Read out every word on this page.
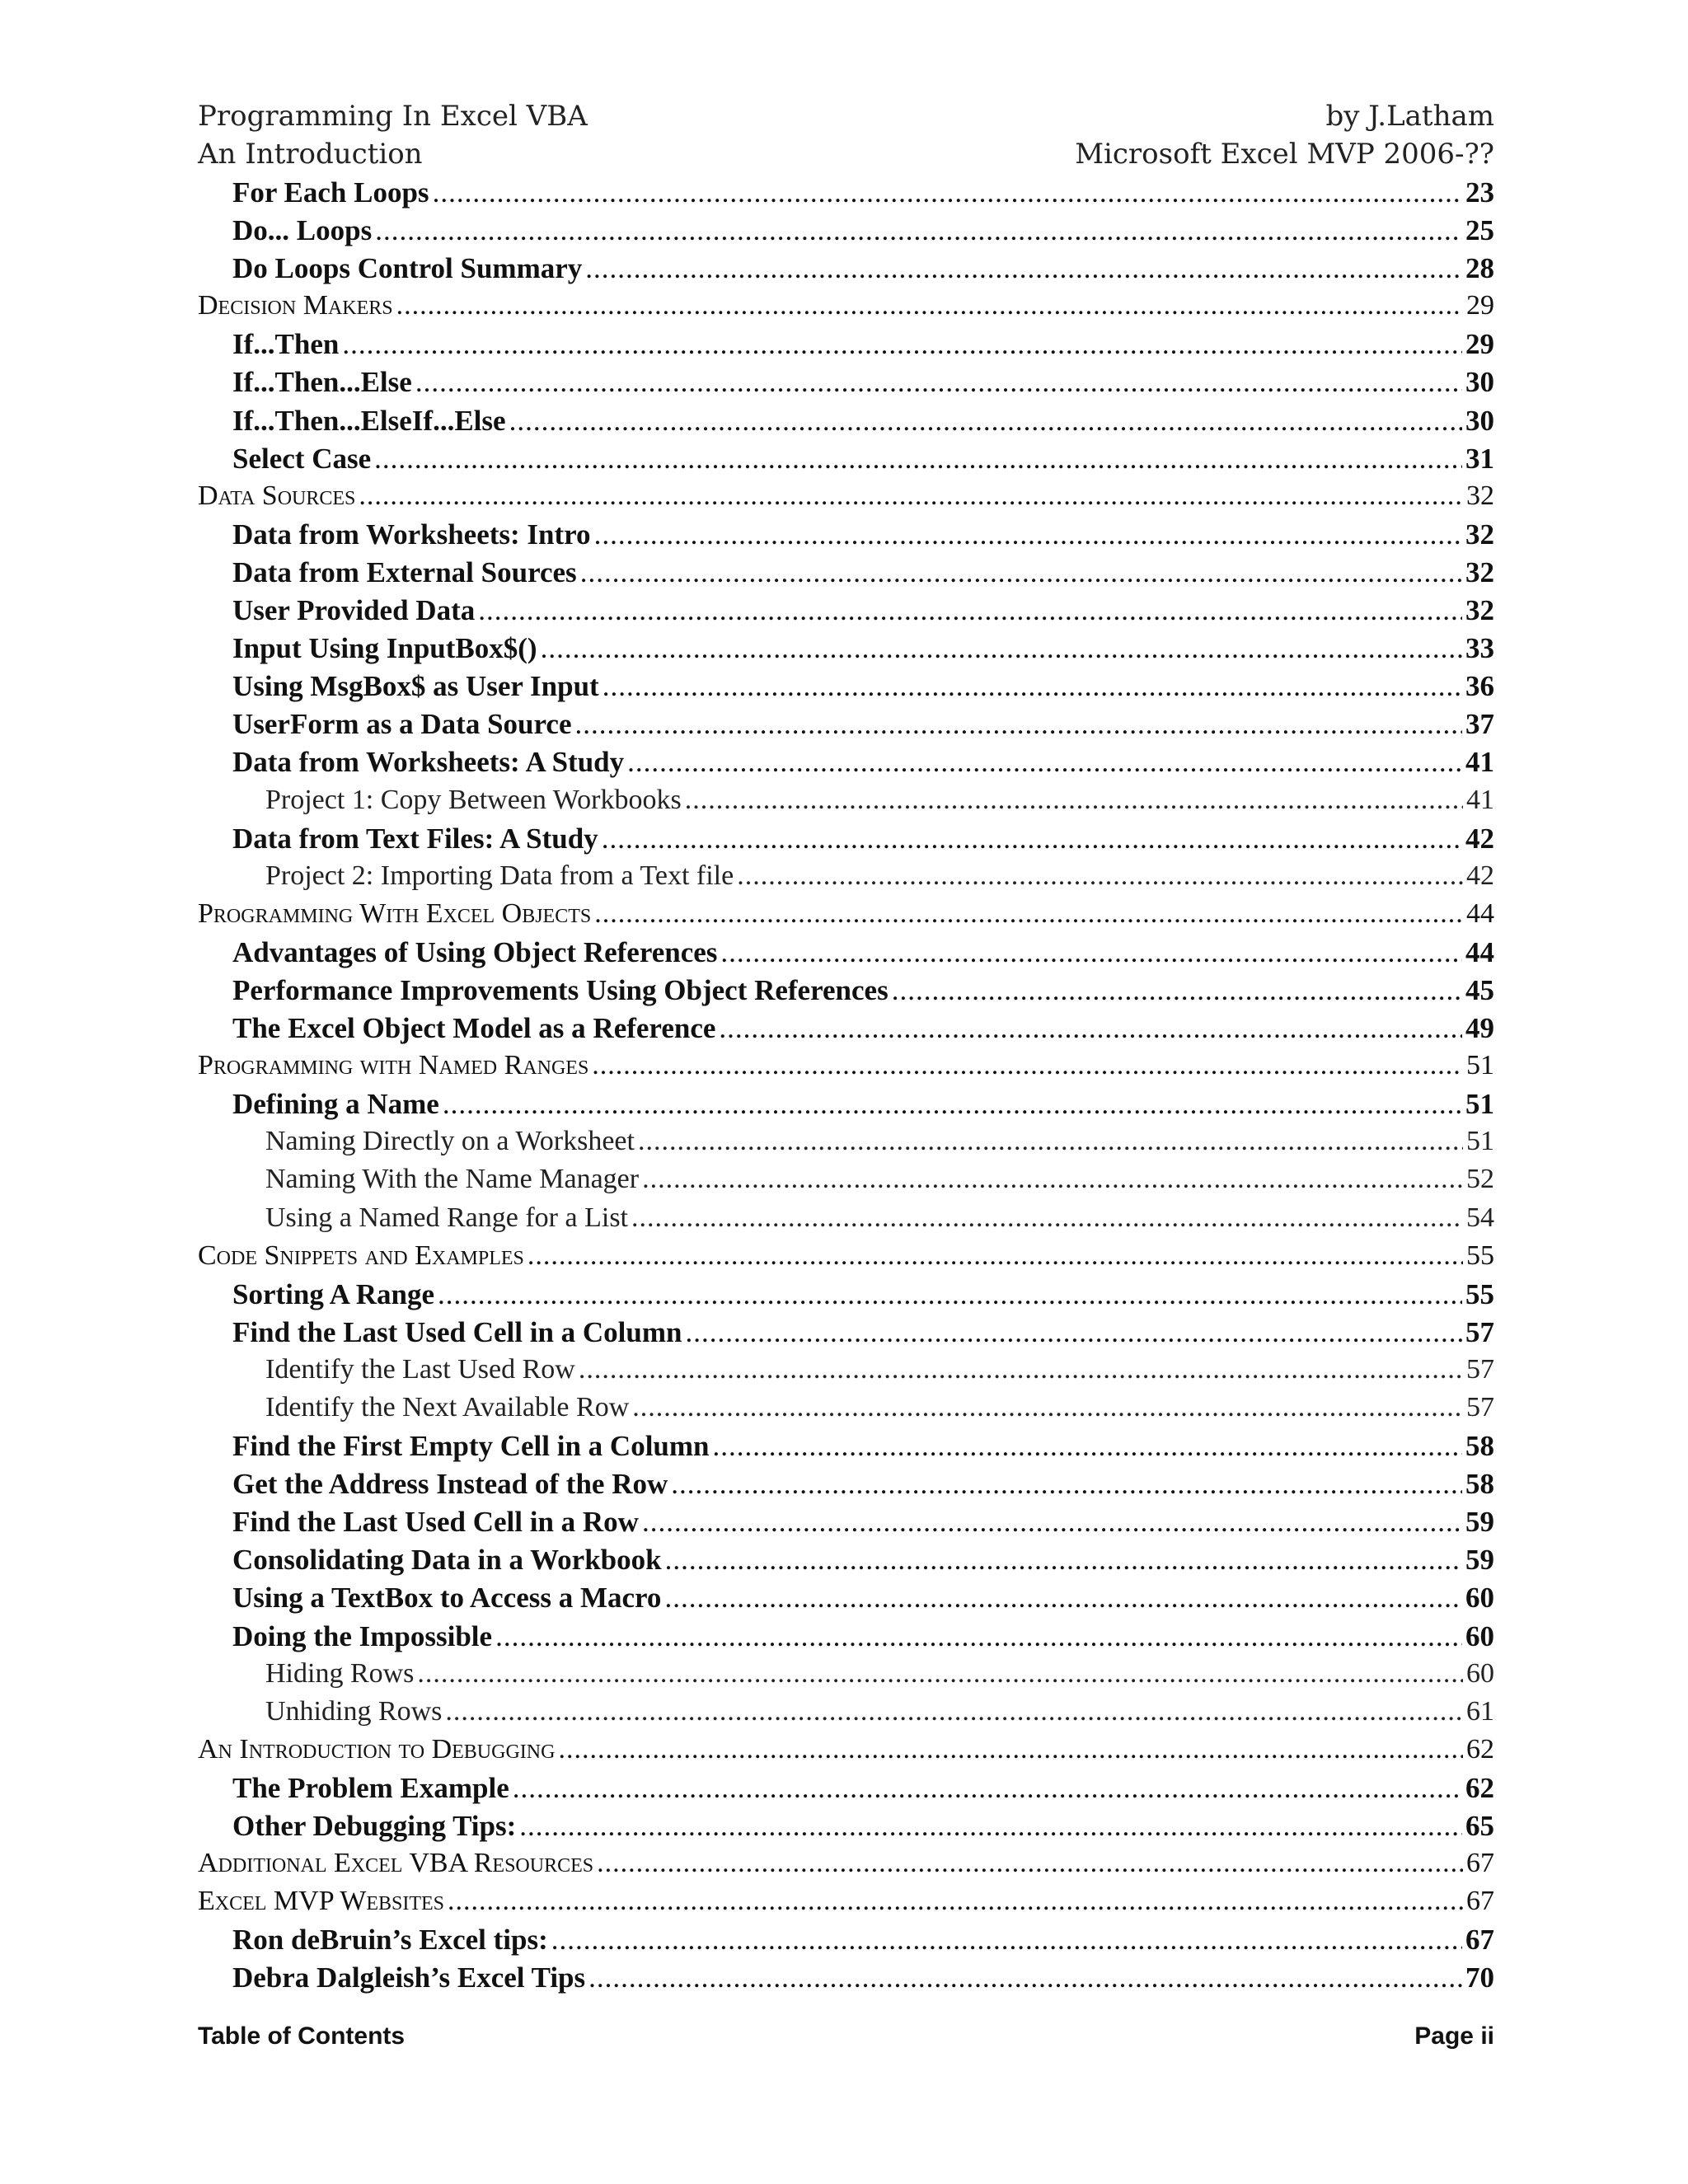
Programming In Excel VBA	by J.Latham
An Introduction	Microsoft Excel MVP 2006-??
For Each Loops .....	23
Do... Loops .....	25
Do Loops Control Summary .....	28
Decision Makers .....	29
If...Then .....	29
If...Then...Else .....	30
If...Then...ElseIf...Else .....	30
Select Case .....	31
Data Sources .....	32
Data from Worksheets: Intro .....	32
Data from External Sources .....	32
User Provided Data .....	32
Input Using InputBox$() .....	33
Using MsgBox$ as User Input .....	36
UserForm as a Data Source .....	37
Data from Worksheets: A Study .....	41
Project 1: Copy Between Workbooks .....	41
Data from Text Files: A Study .....	42
Project 2: Importing Data from a Text file .....	42
Programming With Excel Objects .....	44
Advantages of Using Object References .....	44
Performance Improvements Using Object References .....	45
The Excel Object Model as a Reference .....	49
Programming with Named Ranges .....	51
Defining a Name .....	51
Naming Directly on a Worksheet .....	51
Naming With the Name Manager .....	52
Using a Named Range for a List .....	54
Code Snippets and Examples .....	55
Sorting A Range .....	55
Find the Last Used Cell in a Column .....	57
Identify the Last Used Row .....	57
Identify the Next Available Row .....	57
Find the First Empty Cell in a Column .....	58
Get the Address Instead of the Row .....	58
Find the Last Used Cell in a Row .....	59
Consolidating Data in a Workbook .....	59
Using a TextBox to Access a Macro .....	60
Doing the Impossible .....	60
Hiding Rows .....	60
Unhiding Rows .....	61
An Introduction to Debugging .....	62
The Problem Example .....	62
Other Debugging Tips: .....	65
Additional Excel VBA Resources .....	67
Excel MVP Websites .....	67
Ron deBruin’s Excel tips: .....	67
Debra Dalgleish’s Excel Tips .....	70
Table of Contents	Page ii
